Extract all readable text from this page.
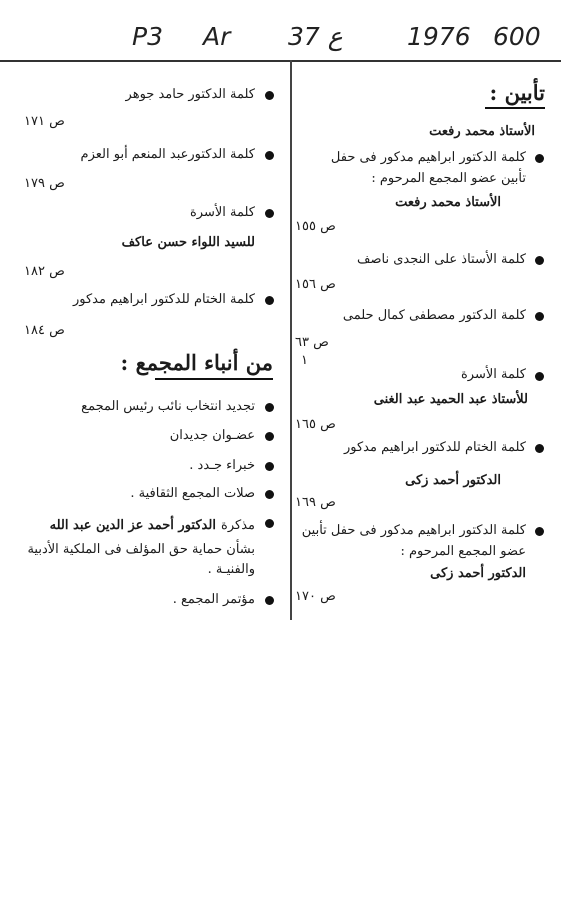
P3 Ar 37 ع	1976 600
تأبين :
الأستاذ محمد رفعت
كلمة الدكتور ابراهيم مدكور فى حفل
تأبين عضو المجمع المرحوم :
الأستاذ محمد رفعت
ص ١٥٥
كلمة الأستاذ على النجدى ناصف
ص ١٥٦
كلمة الدكتور مصطفى كمال حلمى
ص ٦٣
١
كلمة الأسرة
للأستاذ عبد الحميد عبد الغنى
ص ١٦٥
كلمة الختام للدكتور ابراهيم مدكور
الدكتور أحمد زكى
ص ١٦٩
كلمة الدكتور ابراهيم مدكور فى حفل تأبين
عضو المجمع المرحوم :
الدكتور أحمد زكى
ص ١٧٠
كلمة الدكتور حامد جوهر
ص ١٧١
كلمة الدكتورعبد المنعم أبو العزم
ص ١٧٩
كلمة الأسرة
للسيد اللواء حسن عاكف
ص ١٨٢
كلمة الختام للدكتور ابراهيم مدكور
ص ١٨٤
من أنباء المجمع :
تجديد انتخاب نائب رئيس المجمع
عضـوان جديدان
خبراء جـدد .
صلات المجمع الثقافية .
مذكرة الدكتور أحمد عز الدين عبد الله
بشأن حماية حق المؤلف فى الملكية الأدبية
والفنيـة .
مؤتمر المجمع .
